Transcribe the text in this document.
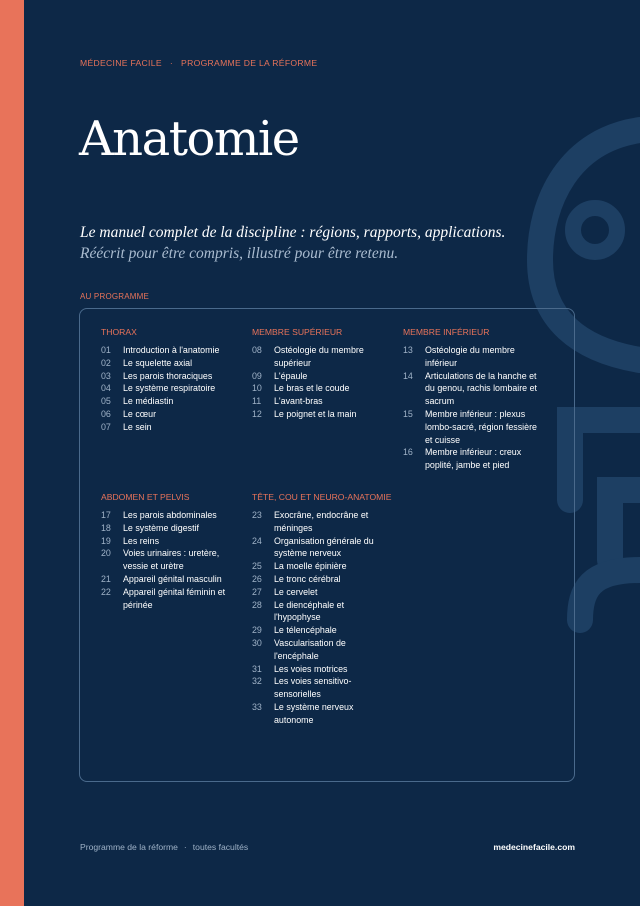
MÉDECINE FACILE · PROGRAMME DE LA RÉFORME
Anatomie
Le manuel complet de la discipline : régions, rapports, applications.
Réécrit pour être compris, illustré pour être retenu.
AU PROGRAMME
THORAX
01	Introduction à l'anatomie
02	Le squelette axial
03	Les parois thoraciques
04	Le système respiratoire
05	Le médiastin
06	Le cœur
07	Le sein
MEMBRE SUPÉRIEUR
08	Ostéologie du membre supérieur
09	L'épaule
10	Le bras et le coude
11	L'avant-bras
12	Le poignet et la main
MEMBRE INFÉRIEUR
13	Ostéologie du membre inférieur
14	Articulations de la hanche et du genou, rachis lombaire et sacrum
15	Membre inférieur : plexus lombo-sacré, région fessière et cuisse
16	Membre inférieur : creux poplité, jambe et pied
ABDOMEN ET PELVIS
17	Les parois abdominales
18	Le système digestif
19	Les reins
20	Voies urinaires : uretère, vessie et urètre
21	Appareil génital masculin
22	Appareil génital féminin et périnée
TÊTE, COU ET NEURO-ANATOMIE
23	Exocrâne, endocrâne et méninges
24	Organisation générale du système nerveux
25	La moelle épinière
26	Le tronc cérébral
27	Le cervelet
28	Le diencéphale et l'hypophyse
29	Le télencéphale
30	Vascularisation de l'encéphale
31	Les voies motrices
32	Les voies sensitivo-sensorielles
33	Le système nerveux autonome
Programme de la réforme · toutes facultés	medecinefacile.com
